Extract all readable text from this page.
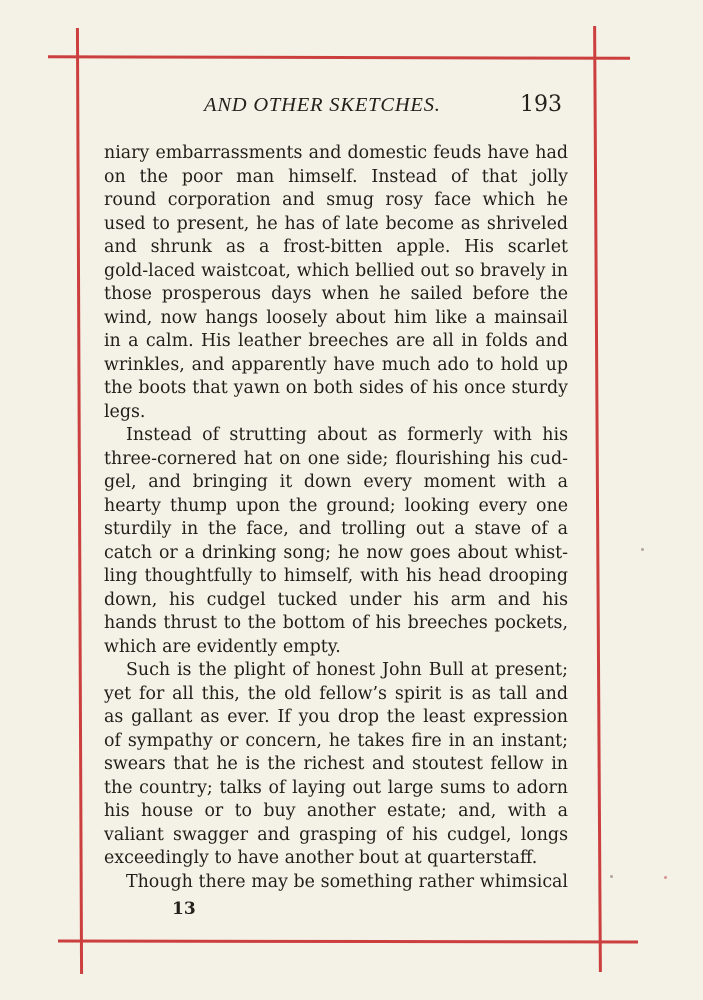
AND OTHER SKETCHES.	193
niary embarrassments and domestic feuds have had
on the poor man himself. Instead of that jolly
round corporation and smug rosy face which he
used to present, he has of late become as shriveled
and shrunk as a frost-bitten apple. His scarlet
gold-laced waistcoat, which bellied out so bravely in
those prosperous days when he sailed before the
wind, now hangs loosely about him like a mainsail
in a calm. His leather breeches are all in folds and
wrinkles, and apparently have much ado to hold up
the boots that yawn on both sides of his once sturdy
legs.
Instead of strutting about as formerly with his
three-cornered hat on one side; flourishing his cud-
gel, and bringing it down every moment with a
hearty thump upon the ground; looking every one
sturdily in the face, and trolling out a stave of a
catch or a drinking song; he now goes about whist-
ling thoughtfully to himself, with his head drooping
down, his cudgel tucked under his arm and his
hands thrust to the bottom of his breeches pockets,
which are evidently empty.
Such is the plight of honest John Bull at present;
yet for all this, the old fellow’s spirit is as tall and
as gallant as ever. If you drop the least expression
of sympathy or concern, he takes fire in an instant;
swears that he is the richest and stoutest fellow in
the country; talks of laying out large sums to adorn
his house or to buy another estate; and, with a
valiant swagger and grasping of his cudgel, longs
exceedingly to have another bout at quarterstaff.
Though there may be something rather whimsical
13
